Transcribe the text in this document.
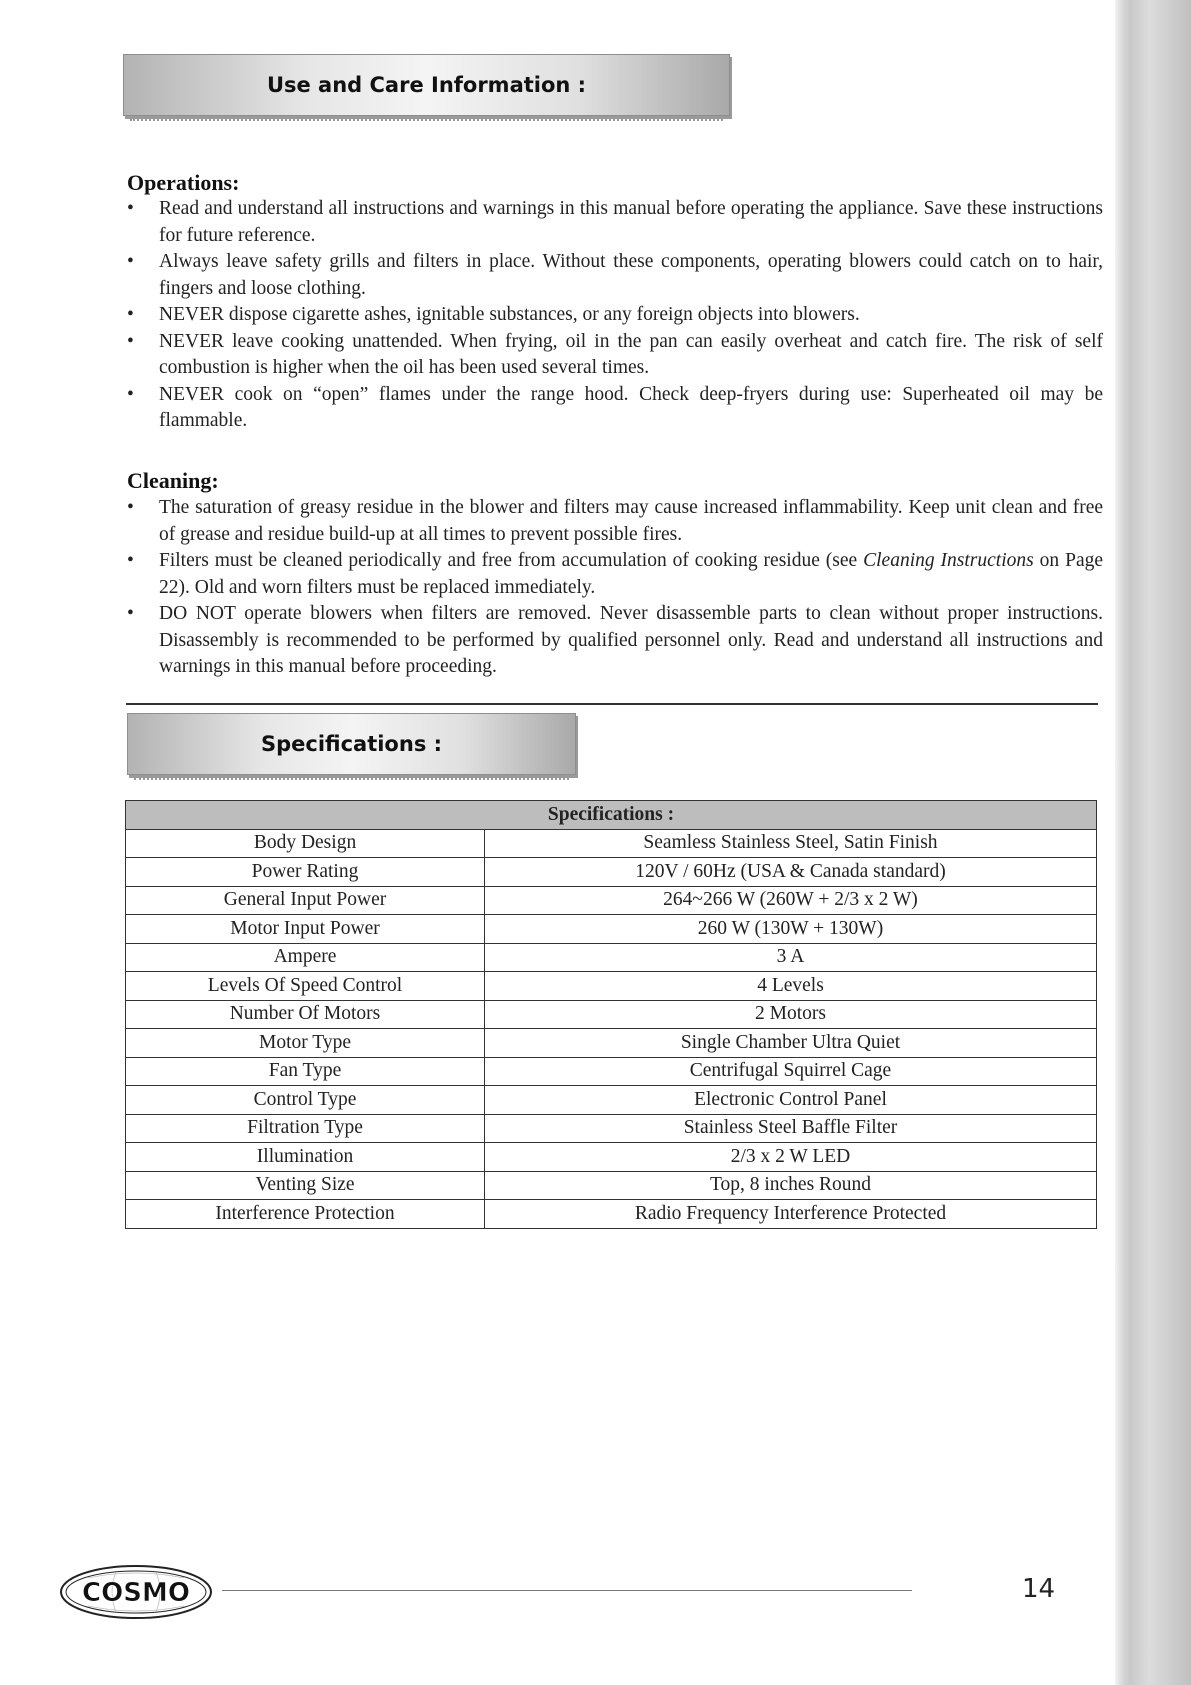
Use and Care Information :
Operations:
• Read and understand all instructions and warnings in this manual before operating the appliance. Save these instructions for future reference.
• Always leave safety grills and filters in place. Without these components, operating blowers could catch on to hair, fingers and loose clothing.
• NEVER dispose cigarette ashes, ignitable substances, or any foreign objects into blowers.
• NEVER leave cooking unattended. When frying, oil in the pan can easily overheat and catch fire. The risk of self combustion is higher when the oil has been used several times.
• NEVER cook on “open” flames under the range hood. Check deep-fryers during use: Superheated oil may be flammable.
Cleaning:
• The saturation of greasy residue in the blower and filters may cause increased inflammability. Keep unit clean and free of grease and residue build-up at all times to prevent possible fires.
• Filters must be cleaned periodically and free from accumulation of cooking residue (see Cleaning Instructions on Page 22). Old and worn filters must be replaced immediately.
• DO NOT operate blowers when filters are removed. Never disassemble parts to clean without proper instructions. Disassembly is recommended to be performed by qualified personnel only. Read and understand all instructions and warnings in this manual before proceeding.
Specifications :
Specifications :	
Body Design	Seamless Stainless Steel, Satin Finish
Power Rating	120V / 60Hz (USA & Canada standard)
General Input Power	264~266 W (260W + 2/3 x 2 W)
Motor Input Power	260 W (130W + 130W)
Ampere	3 A
Levels Of Speed Control	4 Levels
Number Of Motors	2 Motors
Motor Type	Single Chamber Ultra Quiet
Fan Type	Centrifugal Squirrel Cage
Control Type	Electronic Control Panel
Filtration Type	Stainless Steel Baffle Filter
Illumination	2/3 x 2 W LED
Venting Size	Top, 8 inches Round
Interference Protection	Radio Frequency Interference Protected
COSMO	14
